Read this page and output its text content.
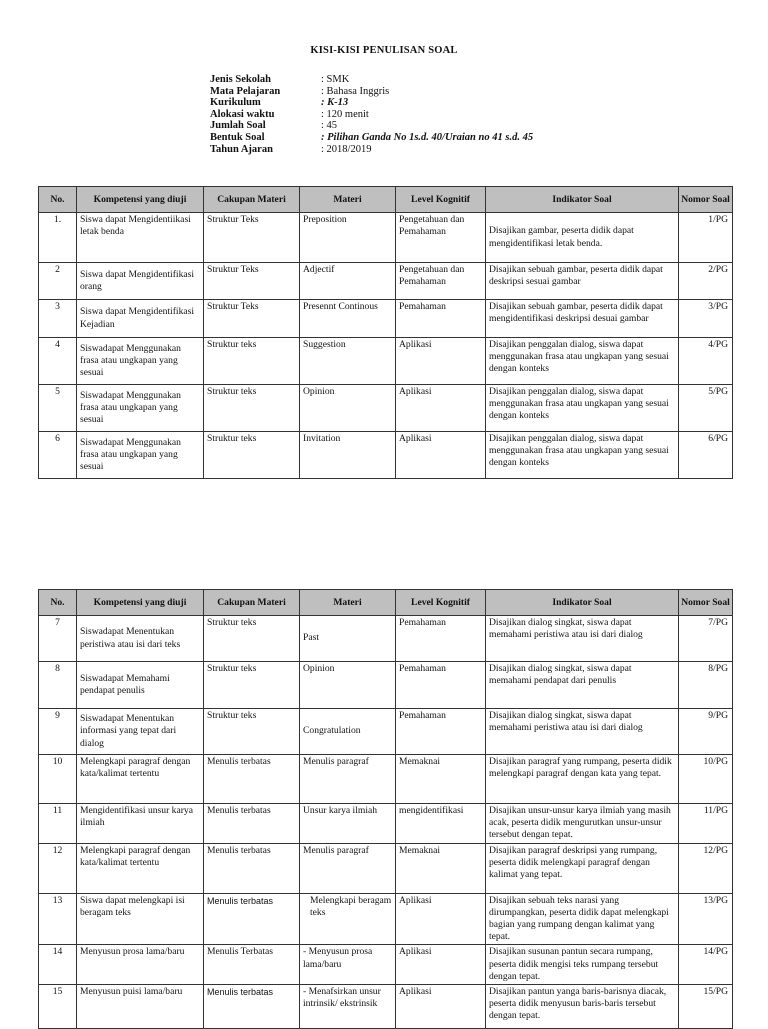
KISI-KISI PENULISAN SOAL
Jenis Sekolah	: SMK
Mata Pelajaran	: Bahasa Inggris
Kurikulum	: K-13
Alokasi waktu	: 120 menit
Jumlah Soal	: 45
Bentuk Soal	: Pilihan Ganda No 1s.d. 40/Uraian no 41 s.d. 45
Tahun Ajaran	: 2018/2019
No.	Kompetensi yang diuji	Cakupan Materi	Materi	Level Kognitif	Indikator Soal	Nomor Soal
1.	Siswa dapat Mengidentiikasi letak benda	Struktur Teks	Preposition	Pengetahuan dan Pemahaman	Disajikan gambar, peserta didik dapat mengidentifikasi letak benda.	1/PG
2	Siswa dapat Mengidentifikasi orang	Struktur Teks	Adjectif	Pengetahuan dan Pemahaman	Disajikan sebuah gambar, peserta didik dapat deskripsi sesuai gambar	2/PG
3	Siswa dapat Mengidentifikasi Kejadian	Struktur Teks	Presennt Continous	Pemahaman	Disajikan sebuah gambar, peserta didik dapat mengidentifikasi deskripsi desuai gambar	3/PG
4	Siswadapat Menggunakan frasa atau ungkapan yang sesuai	Struktur teks	Suggestion	Aplikasi	Disajikan penggalan dialog, siswa dapat menggunakan frasa atau ungkapan yang sesuai dengan konteks	4/PG
5	Siswadapat Menggunakan frasa atau ungkapan yang sesuai	Struktur teks	Opinion	Aplikasi	Disajikan penggalan dialog, siswa dapat menggunakan frasa atau ungkapan yang sesuai dengan konteks	5/PG
6	Siswadapat Menggunakan frasa atau ungkapan yang sesuai	Struktur teks	Invitation	Aplikasi	Disajikan penggalan dialog, siswa dapat menggunakan frasa atau ungkapan yang sesuai dengan konteks	6/PG
No.	Kompetensi yang diuji	Cakupan Materi	Materi	Level Kognitif	Indikator Soal	Nomor Soal
7	Siswadapat Menentukan peristiwa atau isi dari teks	Struktur teks	Past	Pemahaman	Disajikan dialog singkat, siswa dapat memahami peristiwa atau isi dari dialog	7/PG
8	Siswadapat Memahami pendapat penulis	Struktur teks	Opinion	Pemahaman	Disajikan dialog singkat, siswa dapat memahami pendapat dari penulis	8/PG
9	Siswadapat Menentukan informasi yang tepat dari dialog	Struktur teks	Congratulation	Pemahaman	Disajikan dialog singkat, siswa dapat memahami peristiwa atau isi dari dialog	9/PG
10	Melengkapi paragraf dengan kata/kalimat tertentu	Menulis terbatas	Menulis paragraf	Memaknai	Disajikan paragraf yang rumpang, peserta didik melengkapi paragraf dengan kata yang tepat.	10/PG
11	Mengidentifikasi unsur karya ilmiah	Menulis terbatas	Unsur karya ilmiah	mengidentifikasi	Disajikan unsur-unsur karya ilmiah yang masih acak, peserta didik mengurutkan unsur-unsur tersebut dengan tepat.	11/PG
12	Melengkapi paragraf dengan kata/kalimat tertentu	Menulis terbatas	Menulis paragraf	Memaknai	Disajikan paragraf deskripsi yang rumpang, peserta didik melengkapi paragraf dengan kalimat yang tepat.	12/PG
13	Siswa dapat melengkapi isi beragam teks	Menulis terbatas	Melengkapi beragam teks	Aplikasi	Disajikan sebuah teks narasi yang dirumpangkan, peserta didik dapat melengkapi bagian yang rumpang dengan kalimat yang tepat.	13/PG
14	Menyusun prosa lama/baru	Menulis Terbatas	- Menyusun prosa lama/baru	Aplikasi	Disajikan susunan pantun secara rumpang, peserta didik mengisi teks rumpang tersebut dengan tepat.	14/PG
15	Menyusun puisi lama/baru	Menulis terbatas	- Menafsirkan unsur intrinsik/ ekstrinsik	Aplikasi	Disajikan pantun yanga baris-barisnya diacak, peserta didik menyusun baris-baris tersebut dengan tepat.	15/PG
